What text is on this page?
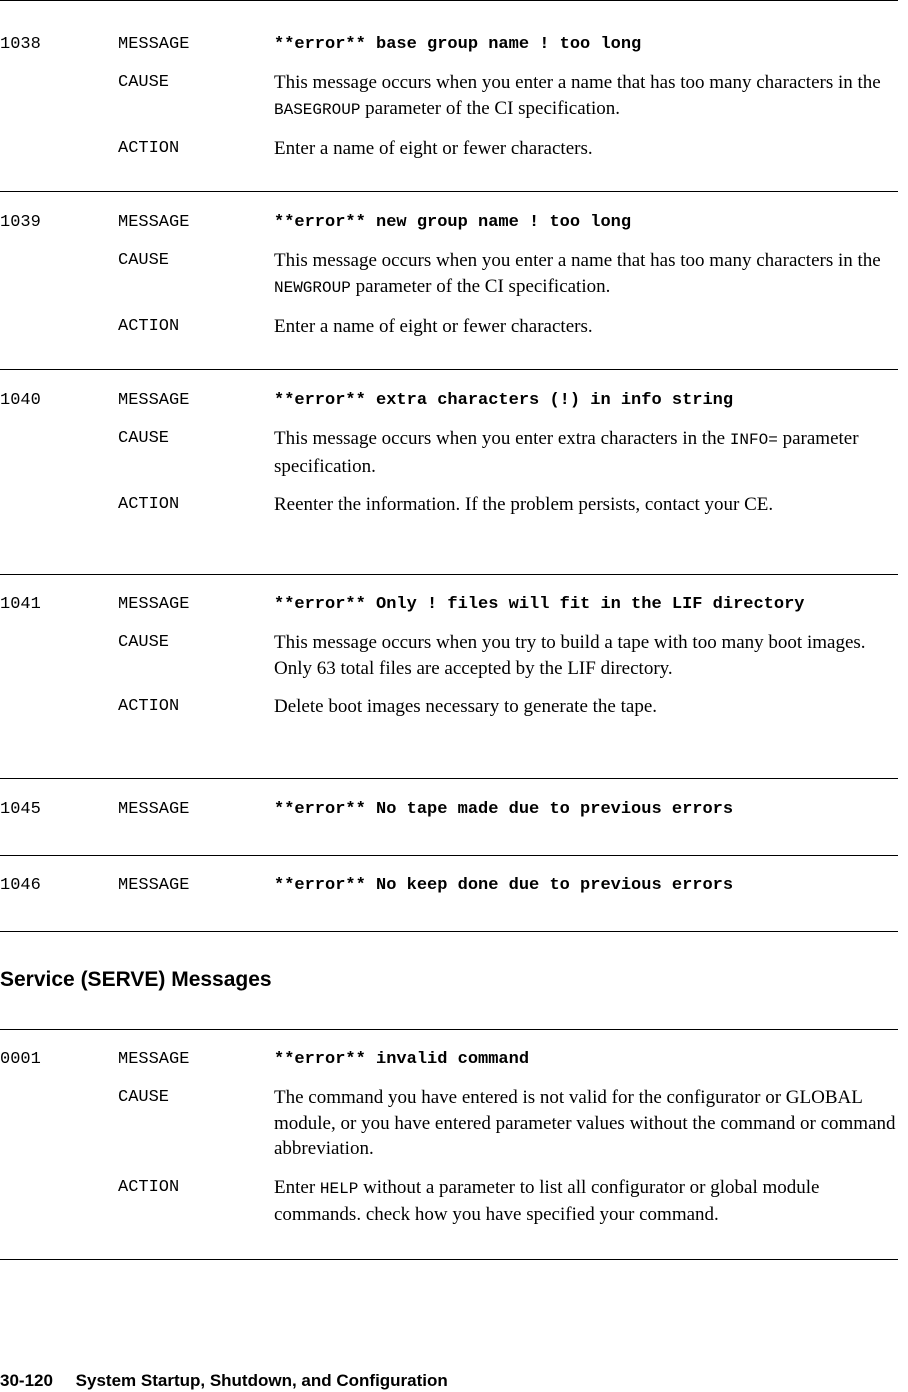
1038	MESSAGE	**error** base group name ! too long
CAUSE	This message occurs when you enter a name that has too many characters in the BASEGROUP parameter of the CI specification.
ACTION	Enter a name of eight or fewer characters.
1039	MESSAGE	**error** new group name ! too long
CAUSE	This message occurs when you enter a name that has too many characters in the NEWGROUP parameter of the CI specification.
ACTION	Enter a name of eight or fewer characters.
1040	MESSAGE	**error** extra characters (!) in info string
CAUSE	This message occurs when you enter extra characters in the INFO= parameter specification.
ACTION	Reenter the information. If the problem persists, contact your CE.
1041	MESSAGE	**error** Only ! files will fit in the LIF directory
CAUSE	This message occurs when you try to build a tape with too many boot images. Only 63 total files are accepted by the LIF directory.
ACTION	Delete boot images necessary to generate the tape.
1045	MESSAGE	**error** No tape made due to previous errors
1046	MESSAGE	**error** No keep done due to previous errors
Service (SERVE) Messages
0001	MESSAGE	**error** invalid command
CAUSE	The command you have entered is not valid for the configurator or GLOBAL module, or you have entered parameter values without the command or command abbreviation.
ACTION	Enter HELP without a parameter to list all configurator or global module commands. check how you have specified your command.
30-120 System Startup, Shutdown, and Configuration
